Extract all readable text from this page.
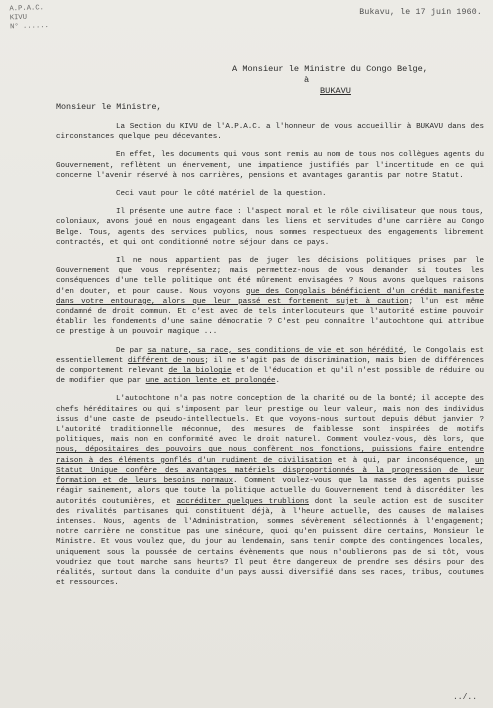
A.P.A.C.
KIVU
N° ......
Bukavu, le 17 juin 1960.
A Monsieur le Ministre du Congo Belge,
à
BUKAVU
Monsieur le Ministre,

La Section du KIVU de l'A.P.A.C. a l'honneur de vous accueillir à BUKAVU dans des circonstances quelque peu décevantes.

En effet, les documents qui vous sont remis au nom de tous nos collègues agents du Gouvernement, reflètent un énervement, une impatience justifiés par l'incertitude en ce qui concerne l'avenir réservé à nos carrières, pensions et avantages garantis par notre Statut.

Ceci vaut pour le côté matériel de la question.

Il présente une autre face : l'aspect moral et le rôle civilisateur que nous tous, coloniaux, avons joué en nous engageant dans les liens et servitudes d'une carrière au Congo Belge. Tous, agents des services publics, nous sommes respectueux des engagements librement contractés, et qui ont conditionné notre séjour dans ce pays.

Il ne nous appartient pas de juger les décisions politiques prises par le Gouvernement que vous représentez; mais permettez-nous de vous demander si toutes les conséquences d'une telle politique ont été mûrement envisagées ? Nous avons quelques raisons d'en douter, et pour cause. Nous voyons que des Congolais bénéficient d'un crédit manifeste dans votre entourage, alors que leur passé est fortement sujet à caution; l'un est même condamné de droit commun. Et c'est avec de tels interlocuteurs que l'autorité estime pouvoir établir les fondements d'une saine démocratie ? C'est peu connaître l'autochtone qui attribue ce prestige à un pouvoir magique ...

De par sa nature, sa race, ses conditions de vie et son hérédité, le Congolais est essentiellement différent de nous; il ne s'agit pas de discrimination, mais bien de différences de comportement relevant de la biologie et de l'éducation et qu'il n'est possible de réduire ou de modifier que par une action lente et prolongée.

L'autochtone n'a pas notre conception de la charité ou de la bonté; il accepte des chefs héréditaires ou qui s'imposent par leur prestige ou leur valeur, mais non des individus issus d'une caste de pseudo-intellectuels. Et que voyons-nous surtout depuis début janvier ? L'autorité traditionnelle méconnue, des mesures de faiblesse sont inspirées de motifs politiques, mais non en conformité avec le droit naturel. Comment voulez-vous, dès lors, que nous, dépositaires des pouvoirs que nous confèrent nos fonctions, puissions faire entendre raison à des éléments gonflés d'un rudiment de civilisation et à qui, par inconséquence, un Statut Unique confère des avantages matériels disproportionnés à la progression de leur formation et de leurs besoins normaux. Comment voulez-vous que la masse des agents puisse réagir sainement, alors que toute la politique actuelle du Gouvernement tend à discréditer les autorités coutumières, et accréditer quelques trublions dont la seule action est de susciter des rivalités partisanes qui constituent déjà, à l'heure actuelle, des causes de malaises intenses. Nous, agents de l'Administration, sommes sévèrement sélectionnés à l'engagement; notre carrière ne constitue pas une sinécure, quoi qu'en puissent dire certains, Monsieur le Ministre. Et vous voulez que, du jour au lendemain, sans tenir compte des contingences locales, uniquement sous la poussée de certains évènements que nous n'oublierons pas de si tôt, vous voudriez que tout marche sans heurts? Il peut être dangereux de prendre ses désirs pour des réalités, surtout dans la conduite d'un pays aussi diversifié dans ses races, tribus, coutumes et ressources.

../..
